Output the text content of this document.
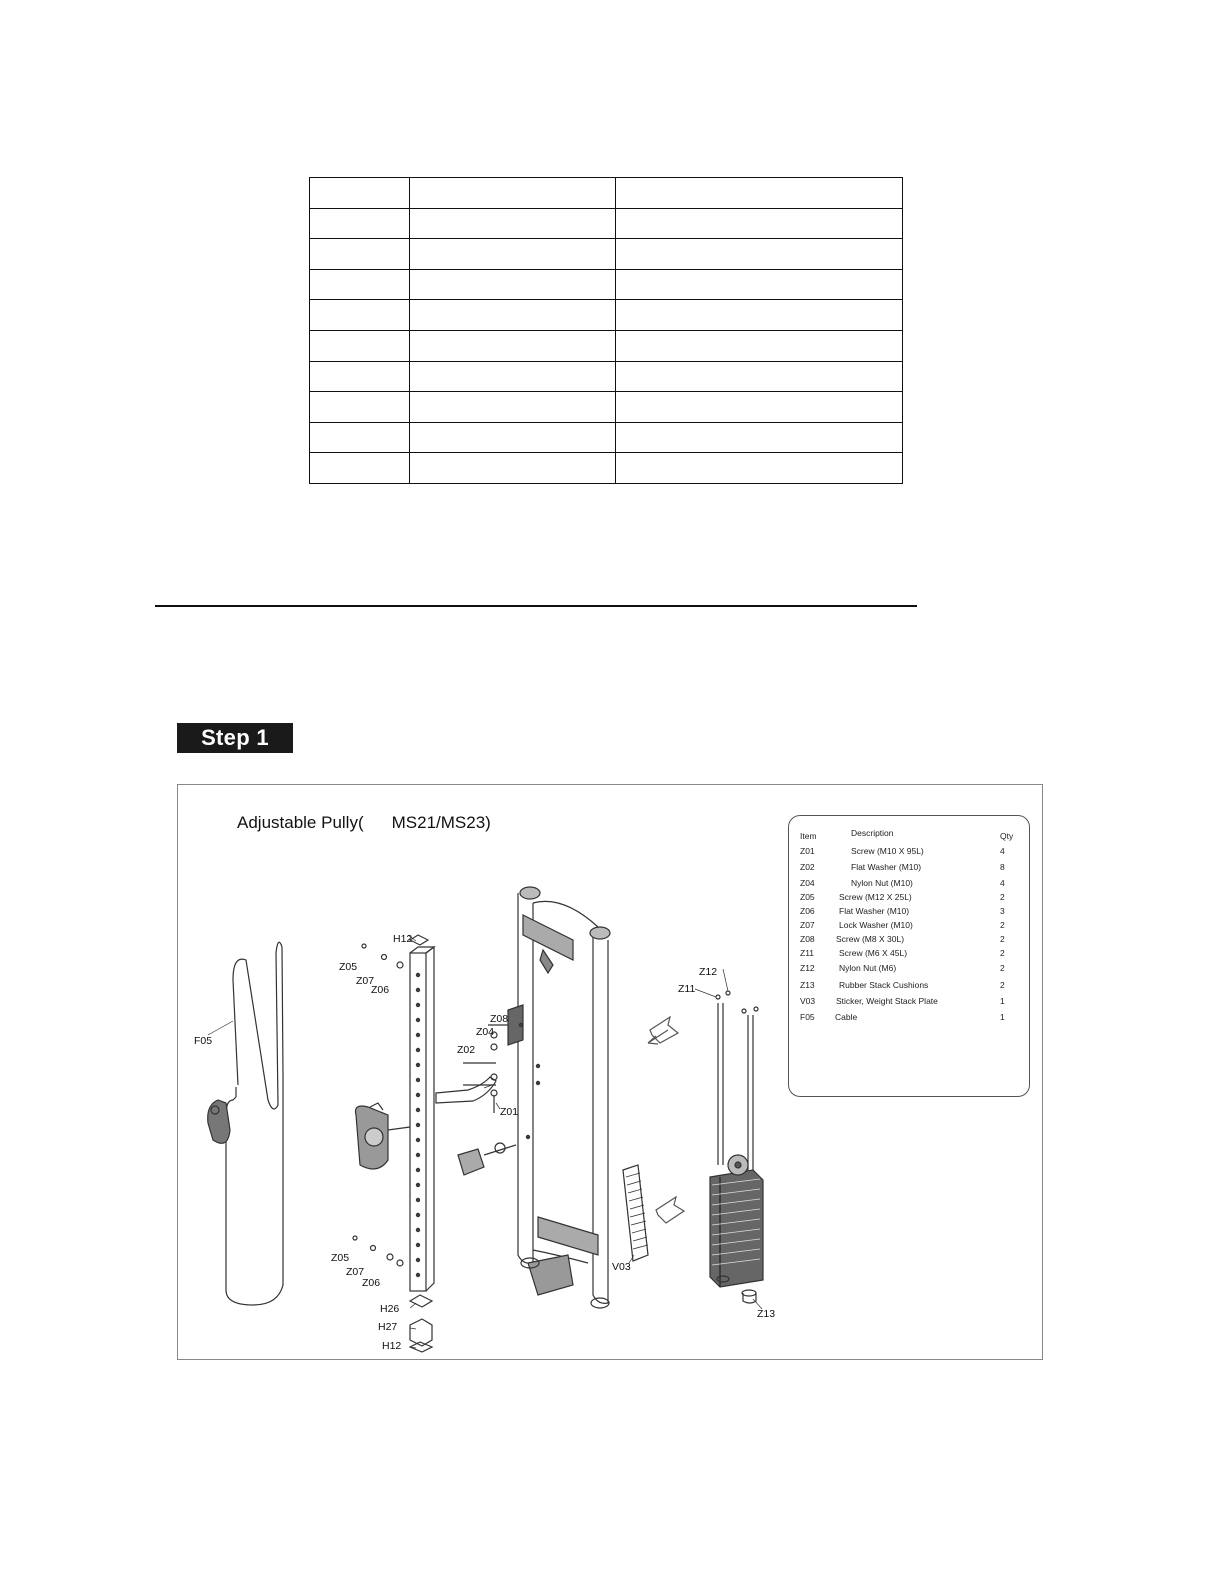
Step 1
Adjustable Pully( MS21/MS23)
F05
H12
Z05
Z07
Z06
Z08
Z04
Z02
Z01
Z05
Z07
Z06
H26
H27
H12
Z12
Z11
V03
Z13
Item	Description	Qty
Z01	Screw (M10 X 95L)	4
Z02	Flat Washer (M10)	8
Z04	Nylon Nut (M10)	4
Z05	Screw (M12 X 25L)	2
Z06	Flat Washer (M10)	3
Z07	Lock Washer (M10)	2
Z08	Screw (M8 X 30L)	2
Z11	Screw (M6 X 45L)	2
Z12	Nylon Nut (M6)	2
Z13	Rubber Stack Cushions	2
V03 Sticker, Weight Stack Plate	1
F05 Cable	1
